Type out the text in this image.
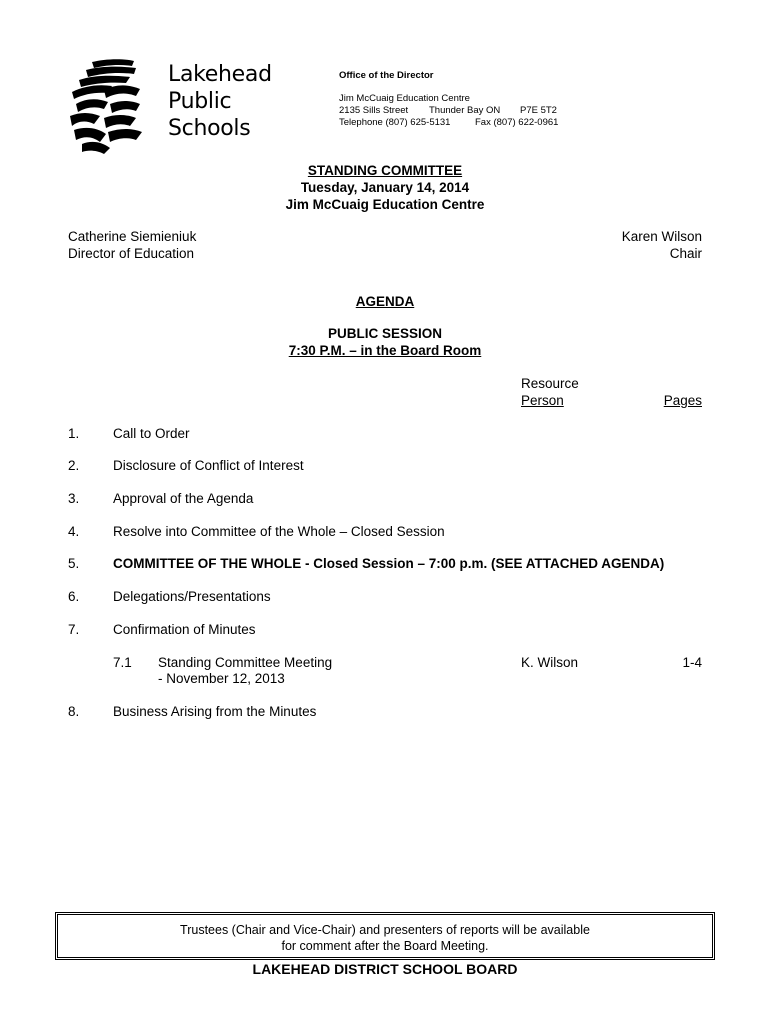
Lakehead
Public
Schools
Office of the Director
Jim McCuaig Education Centre
2135 Sills Street Thunder Bay ON P7E 5T2
Telephone (807) 625-5131	Fax (807) 622-0961
STANDING COMMITTEE
Tuesday, January 14, 2014
Jim McCuaig Education Centre
Catherine Siemieniuk
Director of Education
Karen Wilson
Chair
AGENDA
PUBLIC SESSION
7:30 P.M. – in the Board Room
Resource
Person	Pages
1. Call to Order
2. Disclosure of Conflict of Interest
3. Approval of the Agenda
4. Resolve into Committee of the Whole – Closed Session
5. COMMITTEE OF THE WHOLE - Closed Session – 7:00 p.m. (SEE ATTACHED AGENDA)
6. Delegations/Presentations
7. Confirmation of Minutes
7.1 Standing Committee Meeting
- November 12, 2013
K. Wilson	1-4
8. Business Arising from the Minutes
Trustees (Chair and Vice-Chair) and presenters of reports will be available
for comment after the Board Meeting.
LAKEHEAD DISTRICT SCHOOL BOARD
